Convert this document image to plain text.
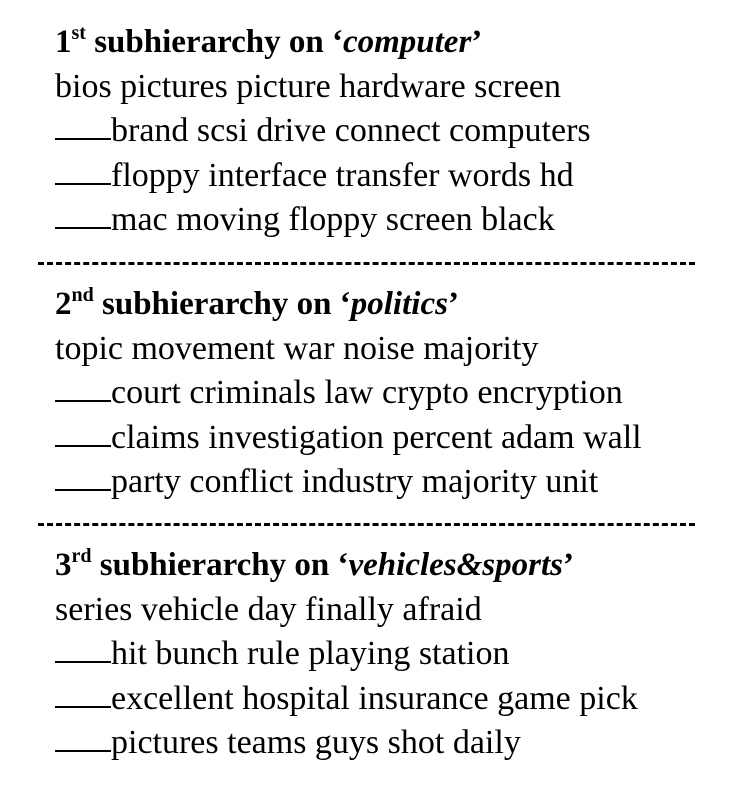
1st subhierarchy on ‘computer’
bios pictures picture hardware screen
brand scsi drive connect computers
floppy interface transfer words hd
mac moving floppy screen black
2nd subhierarchy on ‘politics’
topic movement war noise majority
court criminals law crypto encryption
claims investigation percent adam wall
party conflict industry majority unit
3rd subhierarchy on ‘vehicles&sports’
series vehicle day finally afraid
hit bunch rule playing station
excellent hospital insurance game pick
pictures teams guys shot daily
